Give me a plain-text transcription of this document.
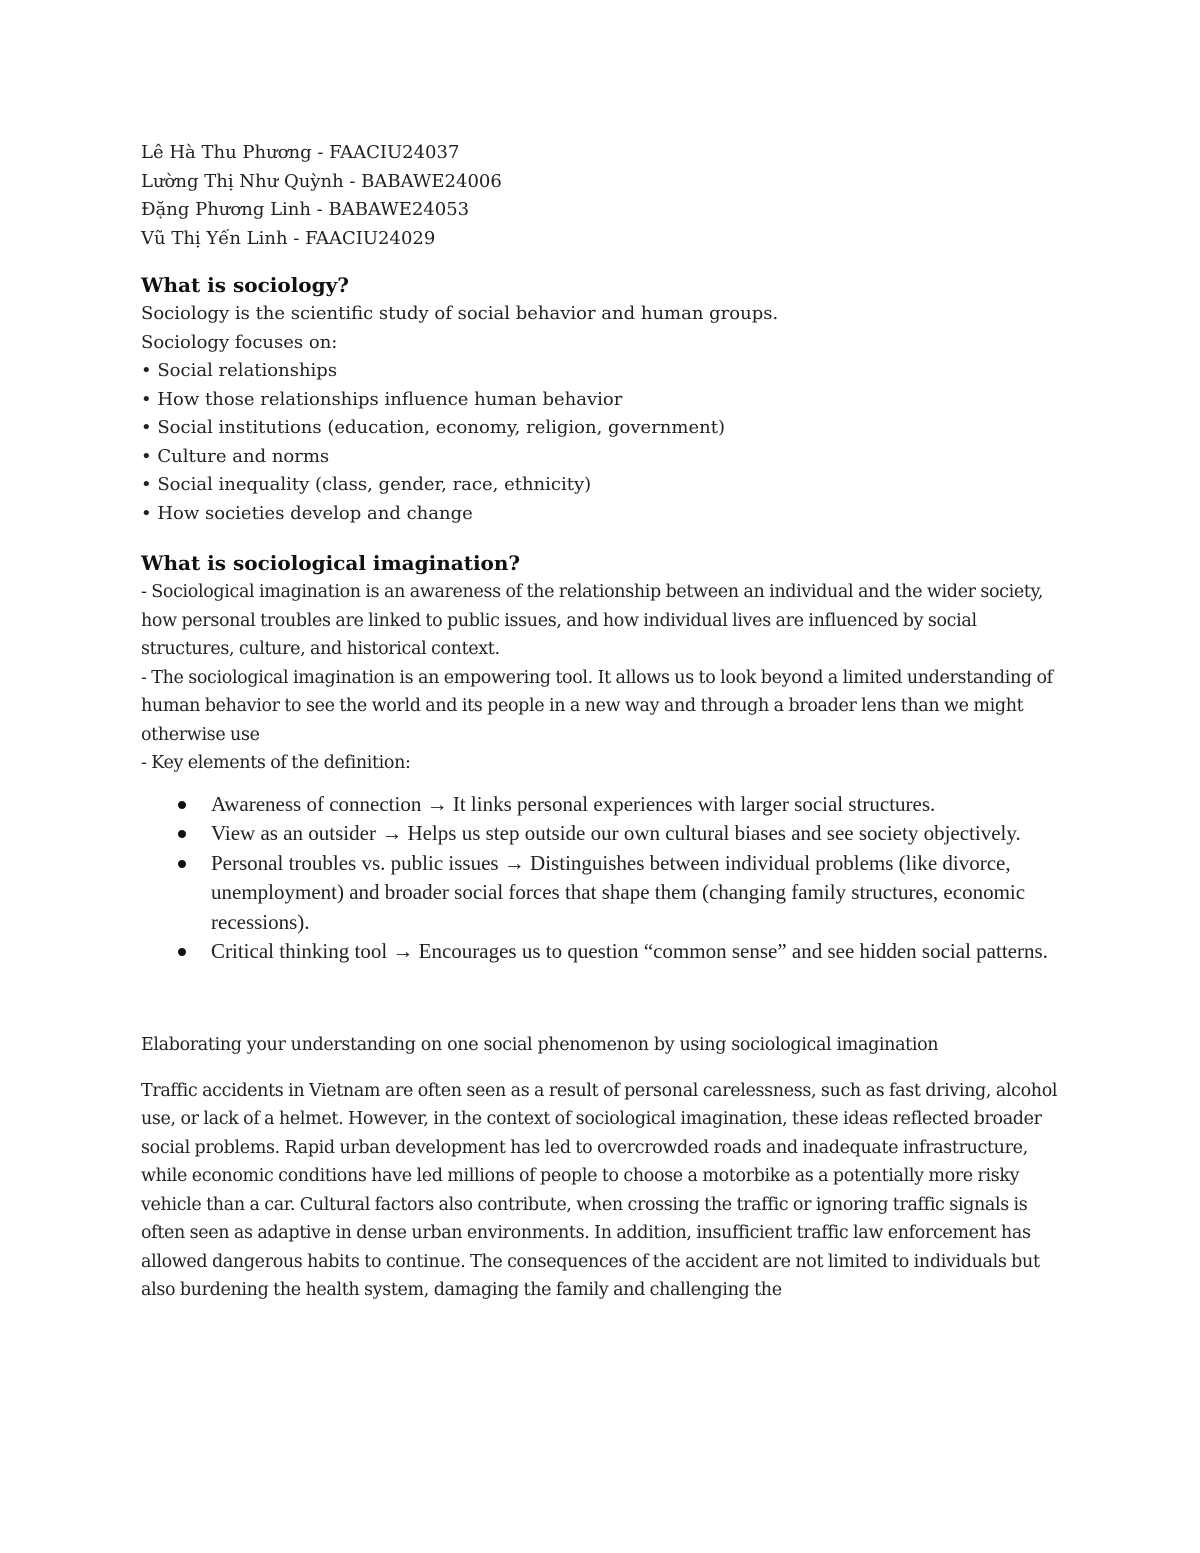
Lê Hà Thu Phương - FAACIU24037

Lường Thị Như Quỳnh - BABAWE24006

Đặng Phương Linh - BABAWE24053

Vũ Thị Yến Linh - FAACIU24029

What is sociology?

Sociology is the scientific study of social behavior and human groups.

Sociology focuses on:

• Social relationships

• How those relationships influence human behavior

• Social institutions (education, economy, religion, government)

• Culture and norms

• Social inequality (class, gender, race, ethnicity)

• How societies develop and change

What is sociological imagination?

- Sociological imagination is an awareness of the relationship between an individual and the wider society, how personal troubles are linked to public issues, and how individual lives are influenced by social structures, culture, and historical context.

- The sociological imagination is an empowering tool. It allows us to look beyond a limited understanding of human behavior to see the world and its people in a new way and through a broader lens than we might otherwise use

- Key elements of the definition:

Awareness of connection → It links personal experiences with larger social structures.
View as an outsider → Helps us step outside our own cultural biases and see society objectively.
Personal troubles vs. public issues → Distinguishes between individual problems (like divorce, unemployment) and broader social forces that shape them (changing family structures, economic recessions).
Critical thinking tool → Encourages us to question “common sense” and see hidden social patterns.

Elaborating your understanding on one social phenomenon by using sociological imagination

Traffic accidents in Vietnam are often seen as a result of personal carelessness, such as fast driving, alcohol use, or lack of a helmet. However, in the context of sociological imagination, these ideas reflected broader social problems. Rapid urban development has led to overcrowded roads and inadequate infrastructure, while economic conditions have led millions of people to choose a motorbike as a potentially more risky vehicle than a car. Cultural factors also contribute, when crossing the traffic or ignoring traffic signals is often seen as adaptive in dense urban environments. In addition, insufficient traffic law enforcement has allowed dangerous habits to continue. The consequences of the accident are not limited to individuals but also burdening the health system, damaging the family and challenging the
